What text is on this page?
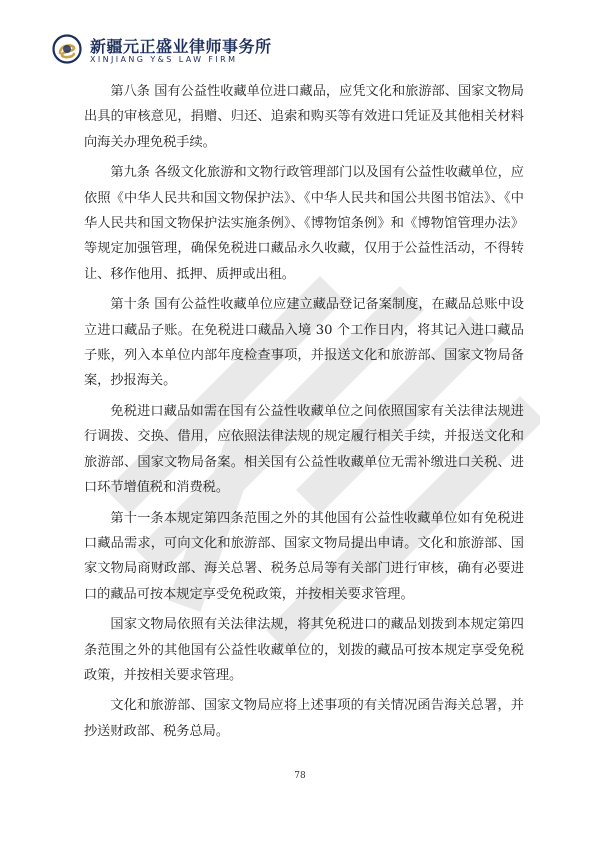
新疆元正盛业律师事务所
XINJIANG Y&S LAW FIRM

第八条 国有公益性收藏单位进口藏品，应凭文化和旅游部、国家文物局出具的审核意见，捐赠、归还、追索和购买等有效进口凭证及其他相关材料向海关办理免税手续。

第九条 各级文化旅游和文物行政管理部门以及国有公益性收藏单位，应依照《中华人民共和国文物保护法》、《中华人民共和国公共图书馆法》、《中华人民共和国文物保护法实施条例》、《博物馆条例》和《博物馆管理办法》等规定加强管理，确保免税进口藏品永久收藏，仅用于公益性活动，不得转让、移作他用、抵押、质押或出租。

第十条 国有公益性收藏单位应建立藏品登记备案制度，在藏品总账中设立进口藏品子账。在免税进口藏品入境 30 个工作日内，将其记入进口藏品子账，列入本单位内部年度检查事项，并报送文化和旅游部、国家文物局备案，抄报海关。

免税进口藏品如需在国有公益性收藏单位之间依照国家有关法律法规进行调拨、交换、借用，应依照法律法规的规定履行相关手续，并报送文化和旅游部、国家文物局备案。相关国有公益性收藏单位无需补缴进口关税、进口环节增值税和消费税。

第十一条本规定第四条范围之外的其他国有公益性收藏单位如有免税进口藏品需求，可向文化和旅游部、国家文物局提出申请。文化和旅游部、国家文物局商财政部、海关总署、税务总局等有关部门进行审核，确有必要进口的藏品可按本规定享受免税政策，并按相关要求管理。

国家文物局依照有关法律法规，将其免税进口的藏品划拨到本规定第四条范围之外的其他国有公益性收藏单位的，划拨的藏品可按本规定享受免税政策，并按相关要求管理。

文化和旅游部、国家文物局应将上述事项的有关情况函告海关总署，并抄送财政部、税务总局。

78
